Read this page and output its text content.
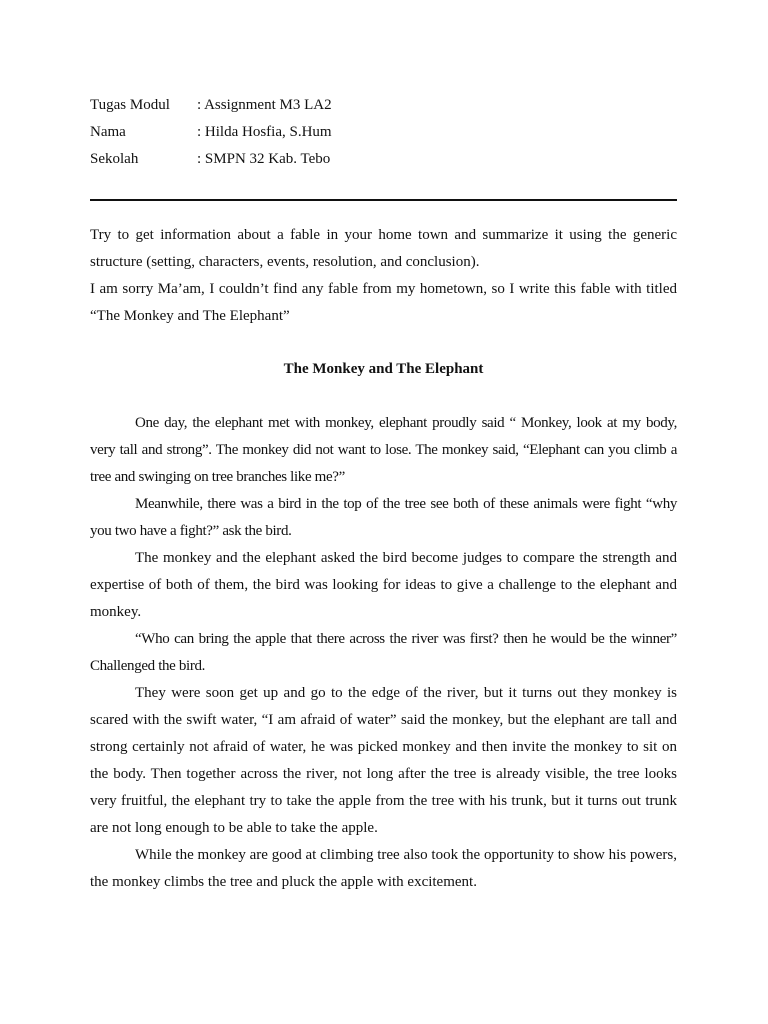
Tugas Modul	: Assignment M3 LA2
Nama	: Hilda Hosfia, S.Hum
Sekolah	: SMPN 32 Kab. Tebo

Try to get information about a fable in your home town and summarize it using the generic structure (setting, characters, events, resolution, and conclusion).

I am sorry Ma’am, I couldn’t find any fable from my hometown, so I write this fable with titled “The Monkey and The Elephant”

The Monkey and The Elephant

One day, the elephant met with monkey, elephant proudly said “ Monkey, look at my body, very tall and strong”. The monkey did not want to lose. The monkey said, “Elephant can you climb a tree and swinging on tree branches like me?”

Meanwhile, there was a bird in the top of the tree see both of these animals were fight “why you two have a fight?” ask the bird.

The monkey and the elephant asked the bird become judges to compare the strength and expertise of both of them, the bird was looking for ideas to give a challenge to the elephant and monkey.

“Who can bring the apple that there across the river was first? then he would be the winner” Challenged the bird.

They were soon get up and go to the edge of the river, but it turns out they monkey is scared with the swift water, “I am afraid of water” said the monkey, but the elephant are tall and strong certainly not afraid of water, he was picked monkey and then invite the monkey to sit on the body. Then together across the river, not long after the tree is already visible, the tree looks very fruitful, the elephant try to take the apple from the tree with his trunk, but it turns out trunk are not long enough to be able to take the apple.

While the monkey are good at climbing tree also took the opportunity to show his powers, the monkey climbs the tree and pluck the apple with excitement.
